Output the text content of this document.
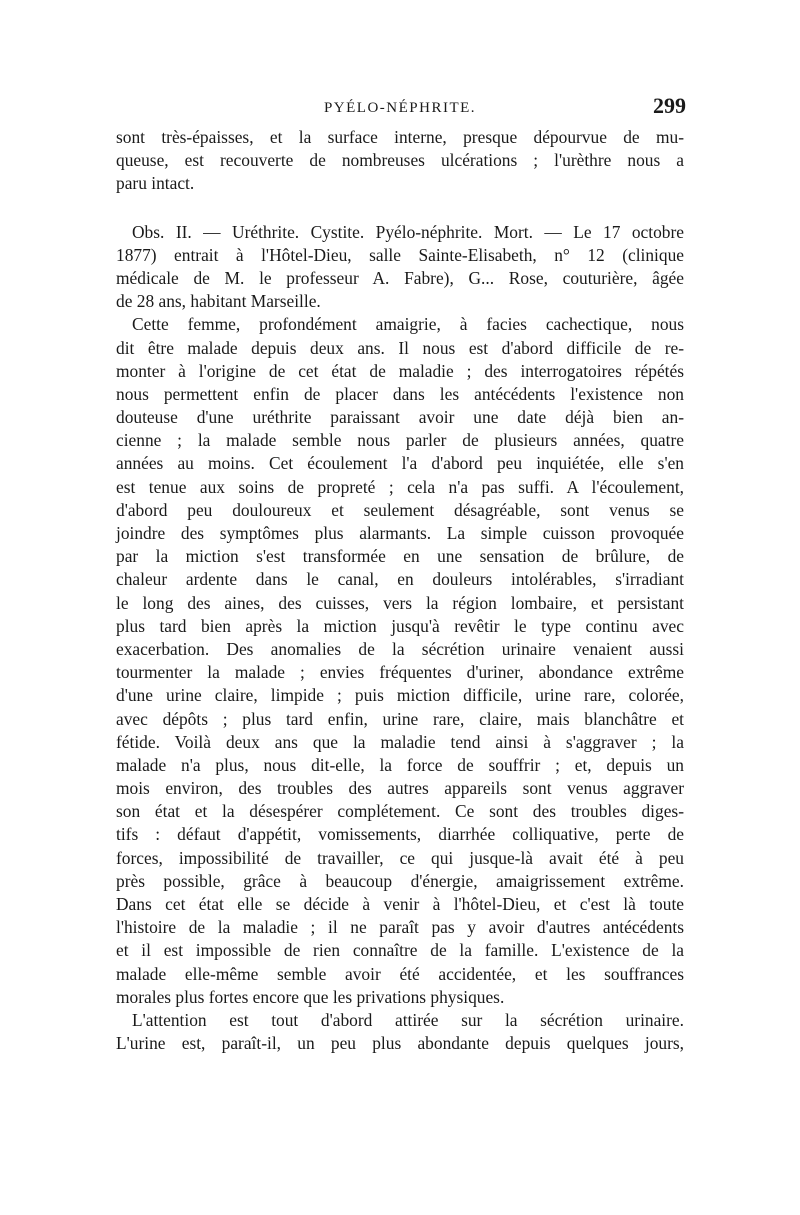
PYÉLO-NÉPHRITE.	299
sont très-épaisses, et la surface interne, presque dépourvue de mu-
queuse, est recouverte de nombreuses ulcérations ; l'urèthre nous a
paru intact.
Obs. II. — Uréthrite. Cystite. Pyélo-néphrite. Mort. — Le 17 octobre
1877) entrait à l'Hôtel-Dieu, salle Sainte-Elisabeth, n° 12 (clinique
médicale de M. le professeur A. Fabre), G... Rose, couturière, âgée
de 28 ans, habitant Marseille.
Cette femme, profondément amaigrie, à facies cachectique, nous
dit être malade depuis deux ans. Il nous est d'abord difficile de re-
monter à l'origine de cet état de maladie ; des interrogatoires répétés
nous permettent enfin de placer dans les antécédents l'existence non
douteuse d'une uréthrite paraissant avoir une date déjà bien an-
cienne ; la malade semble nous parler de plusieurs années, quatre
années au moins. Cet écoulement l'a d'abord peu inquiétée, elle s'en
est tenue aux soins de propreté ; cela n'a pas suffi. A l'écoulement,
d'abord peu douloureux et seulement désagréable, sont venus se
joindre des symptômes plus alarmants. La simple cuisson provoquée
par la miction s'est transformée en une sensation de brûlure, de
chaleur ardente dans le canal, en douleurs intolérables, s'irradiant
le long des aines, des cuisses, vers la région lombaire, et persistant
plus tard bien après la miction jusqu'à revêtir le type continu avec
exacerbation. Des anomalies de la sécrétion urinaire venaient aussi
tourmenter la malade ; envies fréquentes d'uriner, abondance extrême
d'une urine claire, limpide ; puis miction difficile, urine rare, colorée,
avec dépôts ; plus tard enfin, urine rare, claire, mais blanchâtre et
fétide. Voilà deux ans que la maladie tend ainsi à s'aggraver ; la
malade n'a plus, nous dit-elle, la force de souffrir ; et, depuis un
mois environ, des troubles des autres appareils sont venus aggraver
son état et la désespérer complétement. Ce sont des troubles diges-
tifs : défaut d'appétit, vomissements, diarrhée colliquative, perte de
forces, impossibilité de travailler, ce qui jusque-là avait été à peu
près possible, grâce à beaucoup d'énergie, amaigrissement extrême.
Dans cet état elle se décide à venir à l'hôtel-Dieu, et c'est là toute
l'histoire de la maladie ; il ne paraît pas y avoir d'autres antécédents
et il est impossible de rien connaître de la famille. L'existence de la
malade elle-même semble avoir été accidentée, et les souffrances
morales plus fortes encore que les privations physiques.
L'attention est tout d'abord attirée sur la sécrétion urinaire.
L'urine est, paraît-il, un peu plus abondante depuis quelques jours,
